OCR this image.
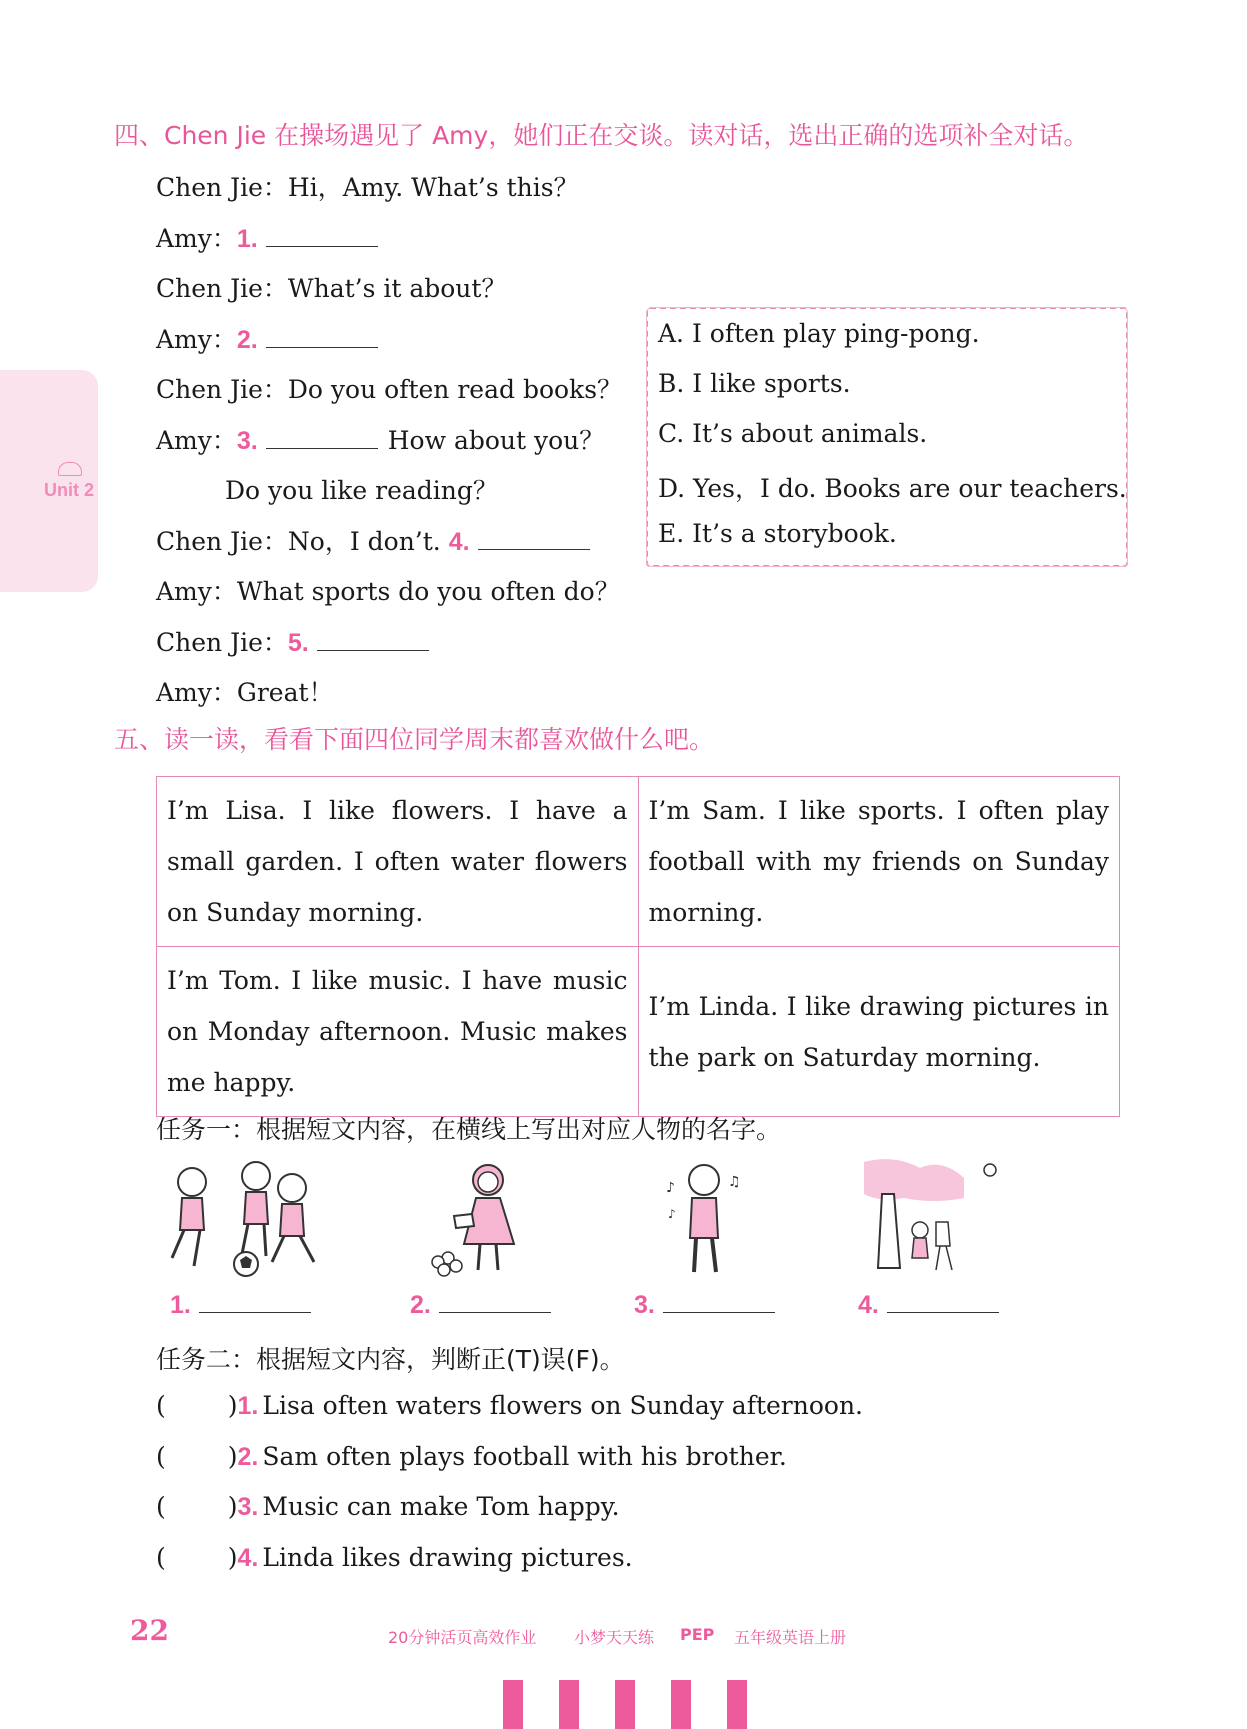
四、Chen Jie 在操场遇见了 Amy，她们正在交谈。读对话，选出正确的选项补全对话。
Chen Jie：Hi，Amy. What’s this？
Amy：1.
Chen Jie：What’s it about？
Amy：2.
Chen Jie：Do you often read books？
Amy：3.	How about you？
Do you like reading？
Chen Jie：No，I don’t. 4.
Amy：What sports do you often do？
Chen Jie：5.
Amy：Great！
A. I often play ping-pong.
B. I like sports.
C. It’s about animals.
D. Yes，I do. Books are our teachers.
E. It’s a storybook.
Unit 2
五、读一读，看看下面四位同学周末都喜欢做什么吧。
I’m Lisa. I like flowers. I have a small garden. I often water flowers on Sunday morning.	I’m Sam. I like sports. I often play football with my friends on Sunday morning.
I’m Tom. I like music. I have music on Monday afternoon. Music makes me happy.	I’m Linda. I like drawing pictures in the park on Saturday morning.
任务一：根据短文内容，在横线上写出对应人物的名字。
♪	♫
♪
1.	2.	3.	4.
任务二：根据短文内容，判断正(T)误(F)。
( )1. Lisa often waters flowers on Sunday afternoon.
( )2. Sam often plays football with his brother.
( )3. Music can make Tom happy.
( )4. Linda likes drawing pictures.
22	20分钟活页高效作业 小梦天天练 PEP 五年级英语上册
